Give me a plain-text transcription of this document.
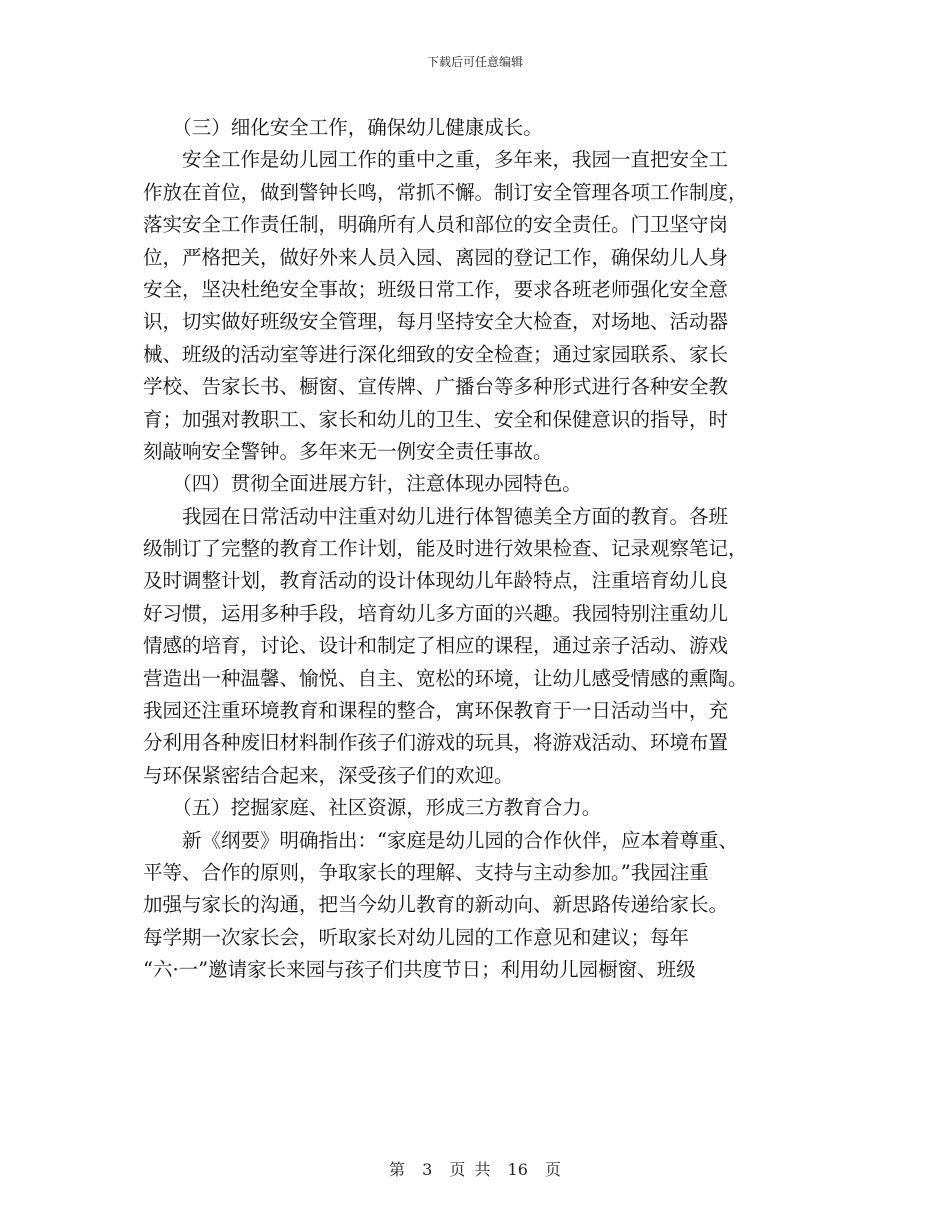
下载后可任意编辑
　　（三）细化安全工作，确保幼儿健康成长。
　　安全工作是幼儿园工作的重中之重，多年来，我园一直把安全工
作放在首位，做到警钟长鸣，常抓不懈。制订安全管理各项工作制度，
落实安全工作责任制，明确所有人员和部位的安全责任。门卫坚守岗
位，严格把关，做好外来人员入园、离园的登记工作，确保幼儿人身
安全，坚决杜绝安全事故；班级日常工作，要求各班老师强化安全意
识，切实做好班级安全管理，每月坚持安全大检查，对场地、活动器
械、班级的活动室等进行深化细致的安全检查；通过家园联系、家长
学校、告家长书、橱窗、宣传牌、广播台等多种形式进行各种安全教
育；加强对教职工、家长和幼儿的卫生、安全和保健意识的指导，时
刻敲响安全警钟。多年来无一例安全责任事故。
　　（四）贯彻全面进展方针，注意体现办园特色。
　　我园在日常活动中注重对幼儿进行体智德美全方面的教育。各班
级制订了完整的教育工作计划，能及时进行效果检查、记录观察笔记，
及时调整计划，教育活动的设计体现幼儿年龄特点，注重培育幼儿良
好习惯，运用多种手段，培育幼儿多方面的兴趣。我园特别注重幼儿
情感的培育，讨论、设计和制定了相应的课程，通过亲子活动、游戏
营造出一种温馨、愉悦、自主、宽松的环境，让幼儿感受情感的熏陶。
我园还注重环境教育和课程的整合，寓环保教育于一日活动当中，充
分利用各种废旧材料制作孩子们游戏的玩具，将游戏活动、环境布置
与环保紧密结合起来，深受孩子们的欢迎。
　　（五）挖掘家庭、社区资源，形成三方教育合力。
　　新《纲要》明确指出：“家庭是幼儿园的合作伙伴，应本着尊重、
平等、合作的原则，争取家长的理解、支持与主动参加。”我园注重
加强与家长的沟通，把当今幼儿教育的新动向、新思路传递给家长。
每学期一次家长会，听取家长对幼儿园的工作意见和建议；每年
“六·一”邀请家长来园与孩子们共度节日；利用幼儿园橱窗、班级
第 3 页 共 16 页
